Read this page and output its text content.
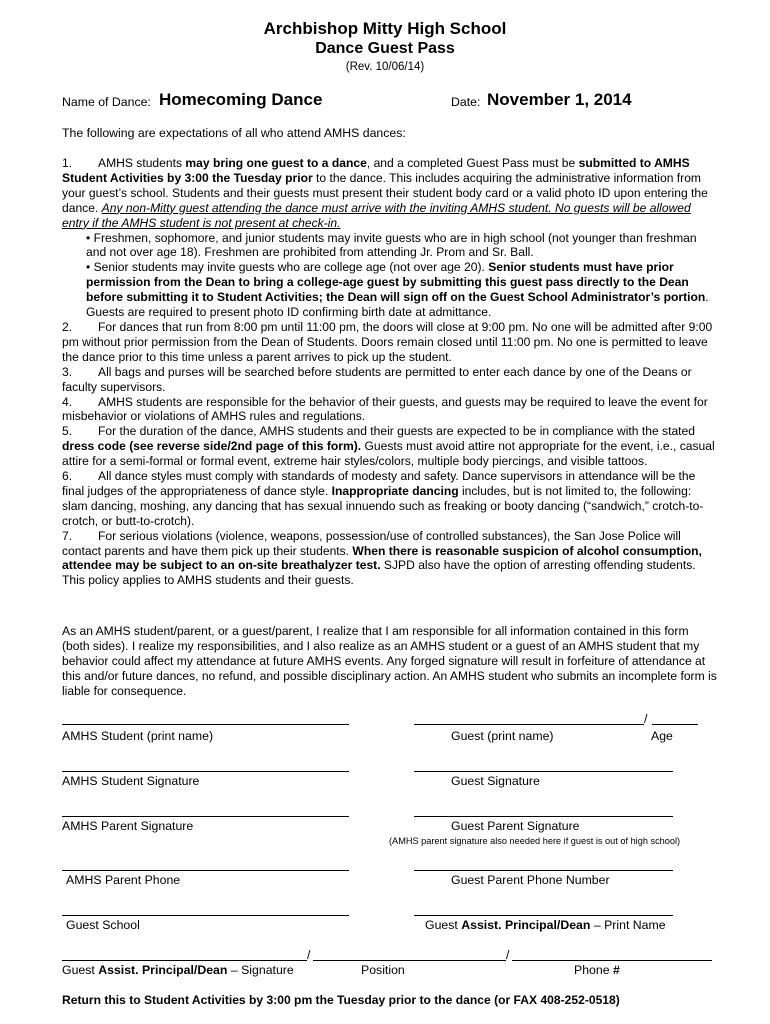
Archbishop Mitty High School
Dance Guest Pass
(Rev. 10/06/14)
Name of Dance: Homecoming Dance	Date: November 1, 2014
The following are expectations of all who attend AMHS dances:

1. AMHS students may bring one guest to a dance, and a completed Guest Pass must be submitted to AMHS Student Activities by 3:00 the Tuesday prior to the dance. This includes acquiring the administrative information from your guest’s school. Students and their guests must present their student body card or a valid photo ID upon entering the dance. Any non-Mitty guest attending the dance must arrive with the inviting AMHS student. No guests will be allowed entry if the AMHS student is not present at check-in.

• Freshmen, sophomore, and junior students may invite guests who are in high school (not younger than freshman and not over age 18). Freshmen are prohibited from attending Jr. Prom and Sr. Ball.

• Senior students may invite guests who are college age (not over age 20). Senior students must have prior permission from the Dean to bring a college-age guest by submitting this guest pass directly to the Dean before submitting it to Student Activities; the Dean will sign off on the Guest School Administrator’s portion. Guests are required to present photo ID confirming birth date at admittance.

2. For dances that run from 8:00 pm until 11:00 pm, the doors will close at 9:00 pm. No one will be admitted after 9:00 pm without prior permission from the Dean of Students. Doors remain closed until 11:00 pm. No one is permitted to leave the dance prior to this time unless a parent arrives to pick up the student.

3. All bags and purses will be searched before students are permitted to enter each dance by one of the Deans or faculty supervisors.

4. AMHS students are responsible for the behavior of their guests, and guests may be required to leave the event for misbehavior or violations of AMHS rules and regulations.

5. For the duration of the dance, AMHS students and their guests are expected to be in compliance with the stated dress code (see reverse side/2nd page of this form). Guests must avoid attire not appropriate for the event, i.e., casual attire for a semi-formal or formal event, extreme hair styles/colors, multiple body piercings, and visible tattoos.

6. All dance styles must comply with standards of modesty and safety. Dance supervisors in attendance will be the final judges of the appropriateness of dance style. Inappropriate dancing includes, but is not limited to, the following: slam dancing, moshing, any dancing that has sexual innuendo such as freaking or booty dancing (“sandwich,” crotch-to-crotch, or butt-to-crotch).

7. For serious violations (violence, weapons, possession/use of controlled substances), the San Jose Police will contact parents and have them pick up their students. When there is reasonable suspicion of alcohol consumption, attendee may be subject to an on-site breathalyzer test. SJPD also have the option of arresting offending students. This policy applies to AMHS students and their guests.

As an AMHS student/parent, or a guest/parent, I realize that I am responsible for all information contained in this form (both sides). I realize my responsibilities, and I also realize as an AMHS student or a guest of an AMHS student that my behavior could affect my attendance at future AMHS events. Any forged signature will result in forfeiture of attendance at this and/or future dances, no refund, and possible disciplinary action. An AMHS student who submits an incomplete form is liable for consequence.
/
AMHS Student (print name)	Guest (print name)	Age
AMHS Student Signature	Guest Signature
AMHS Parent Signature	Guest Parent Signature
(AMHS parent signature also needed here if guest is out of high school)
AMHS Parent Phone	Guest Parent Phone Number
Guest School	Guest Assist. Principal/Dean – Print Name
/	/
Guest Assist. Principal/Dean – Signature	Position	Phone #
Return this to Student Activities by 3:00 pm the Tuesday prior to the dance (or FAX 408-252-0518)
